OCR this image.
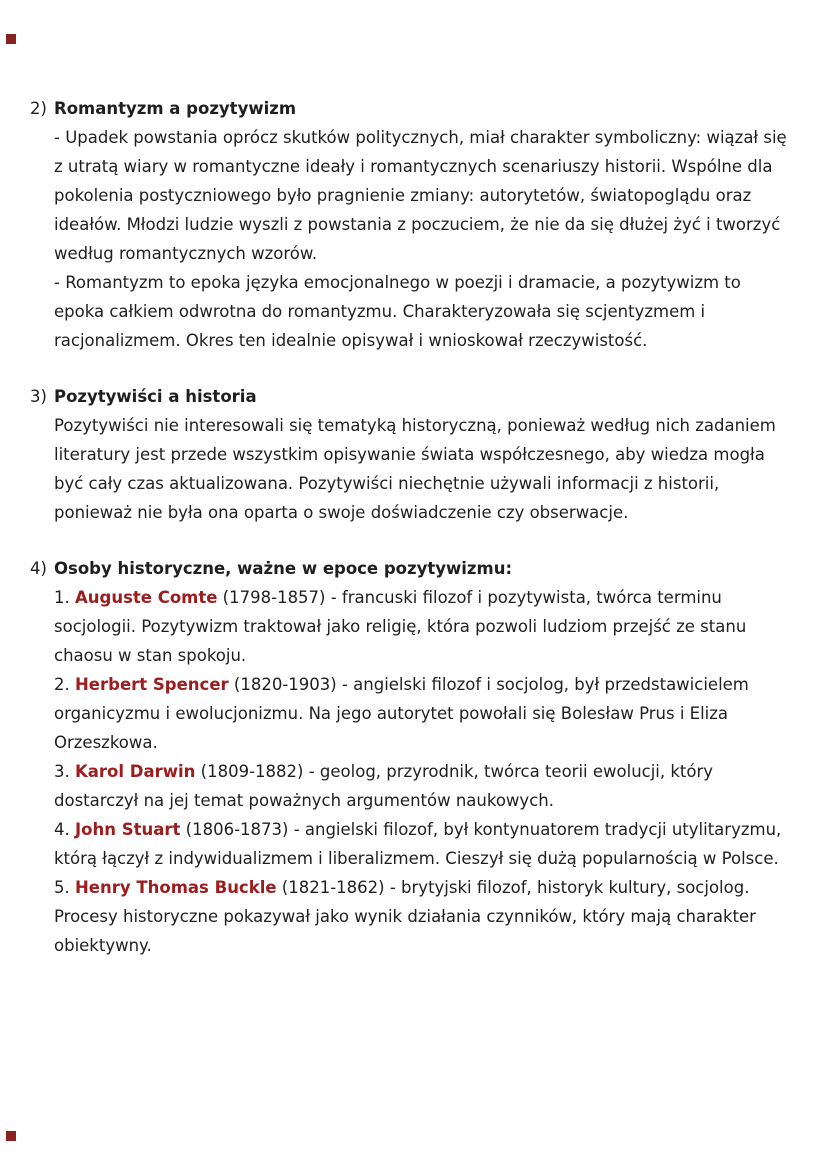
2) Romantyzm a pozytywizm

- Upadek powstania oprócz skutków politycznych, miał charakter symboliczny: wiązał się z utratą wiary w romantyczne ideały i romantycznych scenariuszy historii. Wspólne dla pokolenia postyczniowego było pragnienie zmiany: autorytetów, światopoglądu oraz ideałów. Młodzi ludzie wyszli z powstania z poczuciem, że nie da się dłużej żyć i tworzyć według romantycznych wzorów.

- Romantyzm to epoka języka emocjonalnego w poezji i dramacie, a pozytywizm to epoka całkiem odwrotna do romantyzmu. Charakteryzowała się scjentyzmem i racjonalizmem. Okres ten idealnie opisywał i wnioskował rzeczywistość.

3) Pozytywiści a historia

Pozytywiści nie interesowali się tematyką historyczną, ponieważ według nich zadaniem literatury jest przede wszystkim opisywanie świata współczesnego, aby wiedza mogła być cały czas aktualizowana. Pozytywiści niechętnie używali informacji z historii, ponieważ nie była ona oparta o swoje doświadczenie czy obserwacje.

4) Osoby historyczne, ważne w epoce pozytywizmu:

1. Auguste Comte (1798-1857) - francuski filozof i pozytywista, twórca terminu socjologii. Pozytywizm traktował jako religię, która pozwoli ludziom przejść ze stanu chaosu w stan spokoju.

2. Herbert Spencer (1820-1903) - angielski filozof i socjolog, był przedstawicielem organicyzmu i ewolucjonizmu. Na jego autorytet powołali się Bolesław Prus i Eliza Orzeszkowa.

3. Karol Darwin (1809-1882) - geolog, przyrodnik, twórca teorii ewolucji, który dostarczył na jej temat poważnych argumentów naukowych.

4. John Stuart (1806-1873) - angielski filozof, był kontynuatorem tradycji utylitaryzmu, którą łączył z indywidualizmem i liberalizmem. Cieszył się dużą popularnością w Polsce.

5. Henry Thomas Buckle (1821-1862) - brytyjski filozof, historyk kultury, socjolog. Procesy historyczne pokazywał jako wynik działania czynników, który mają charakter obiektywny.
